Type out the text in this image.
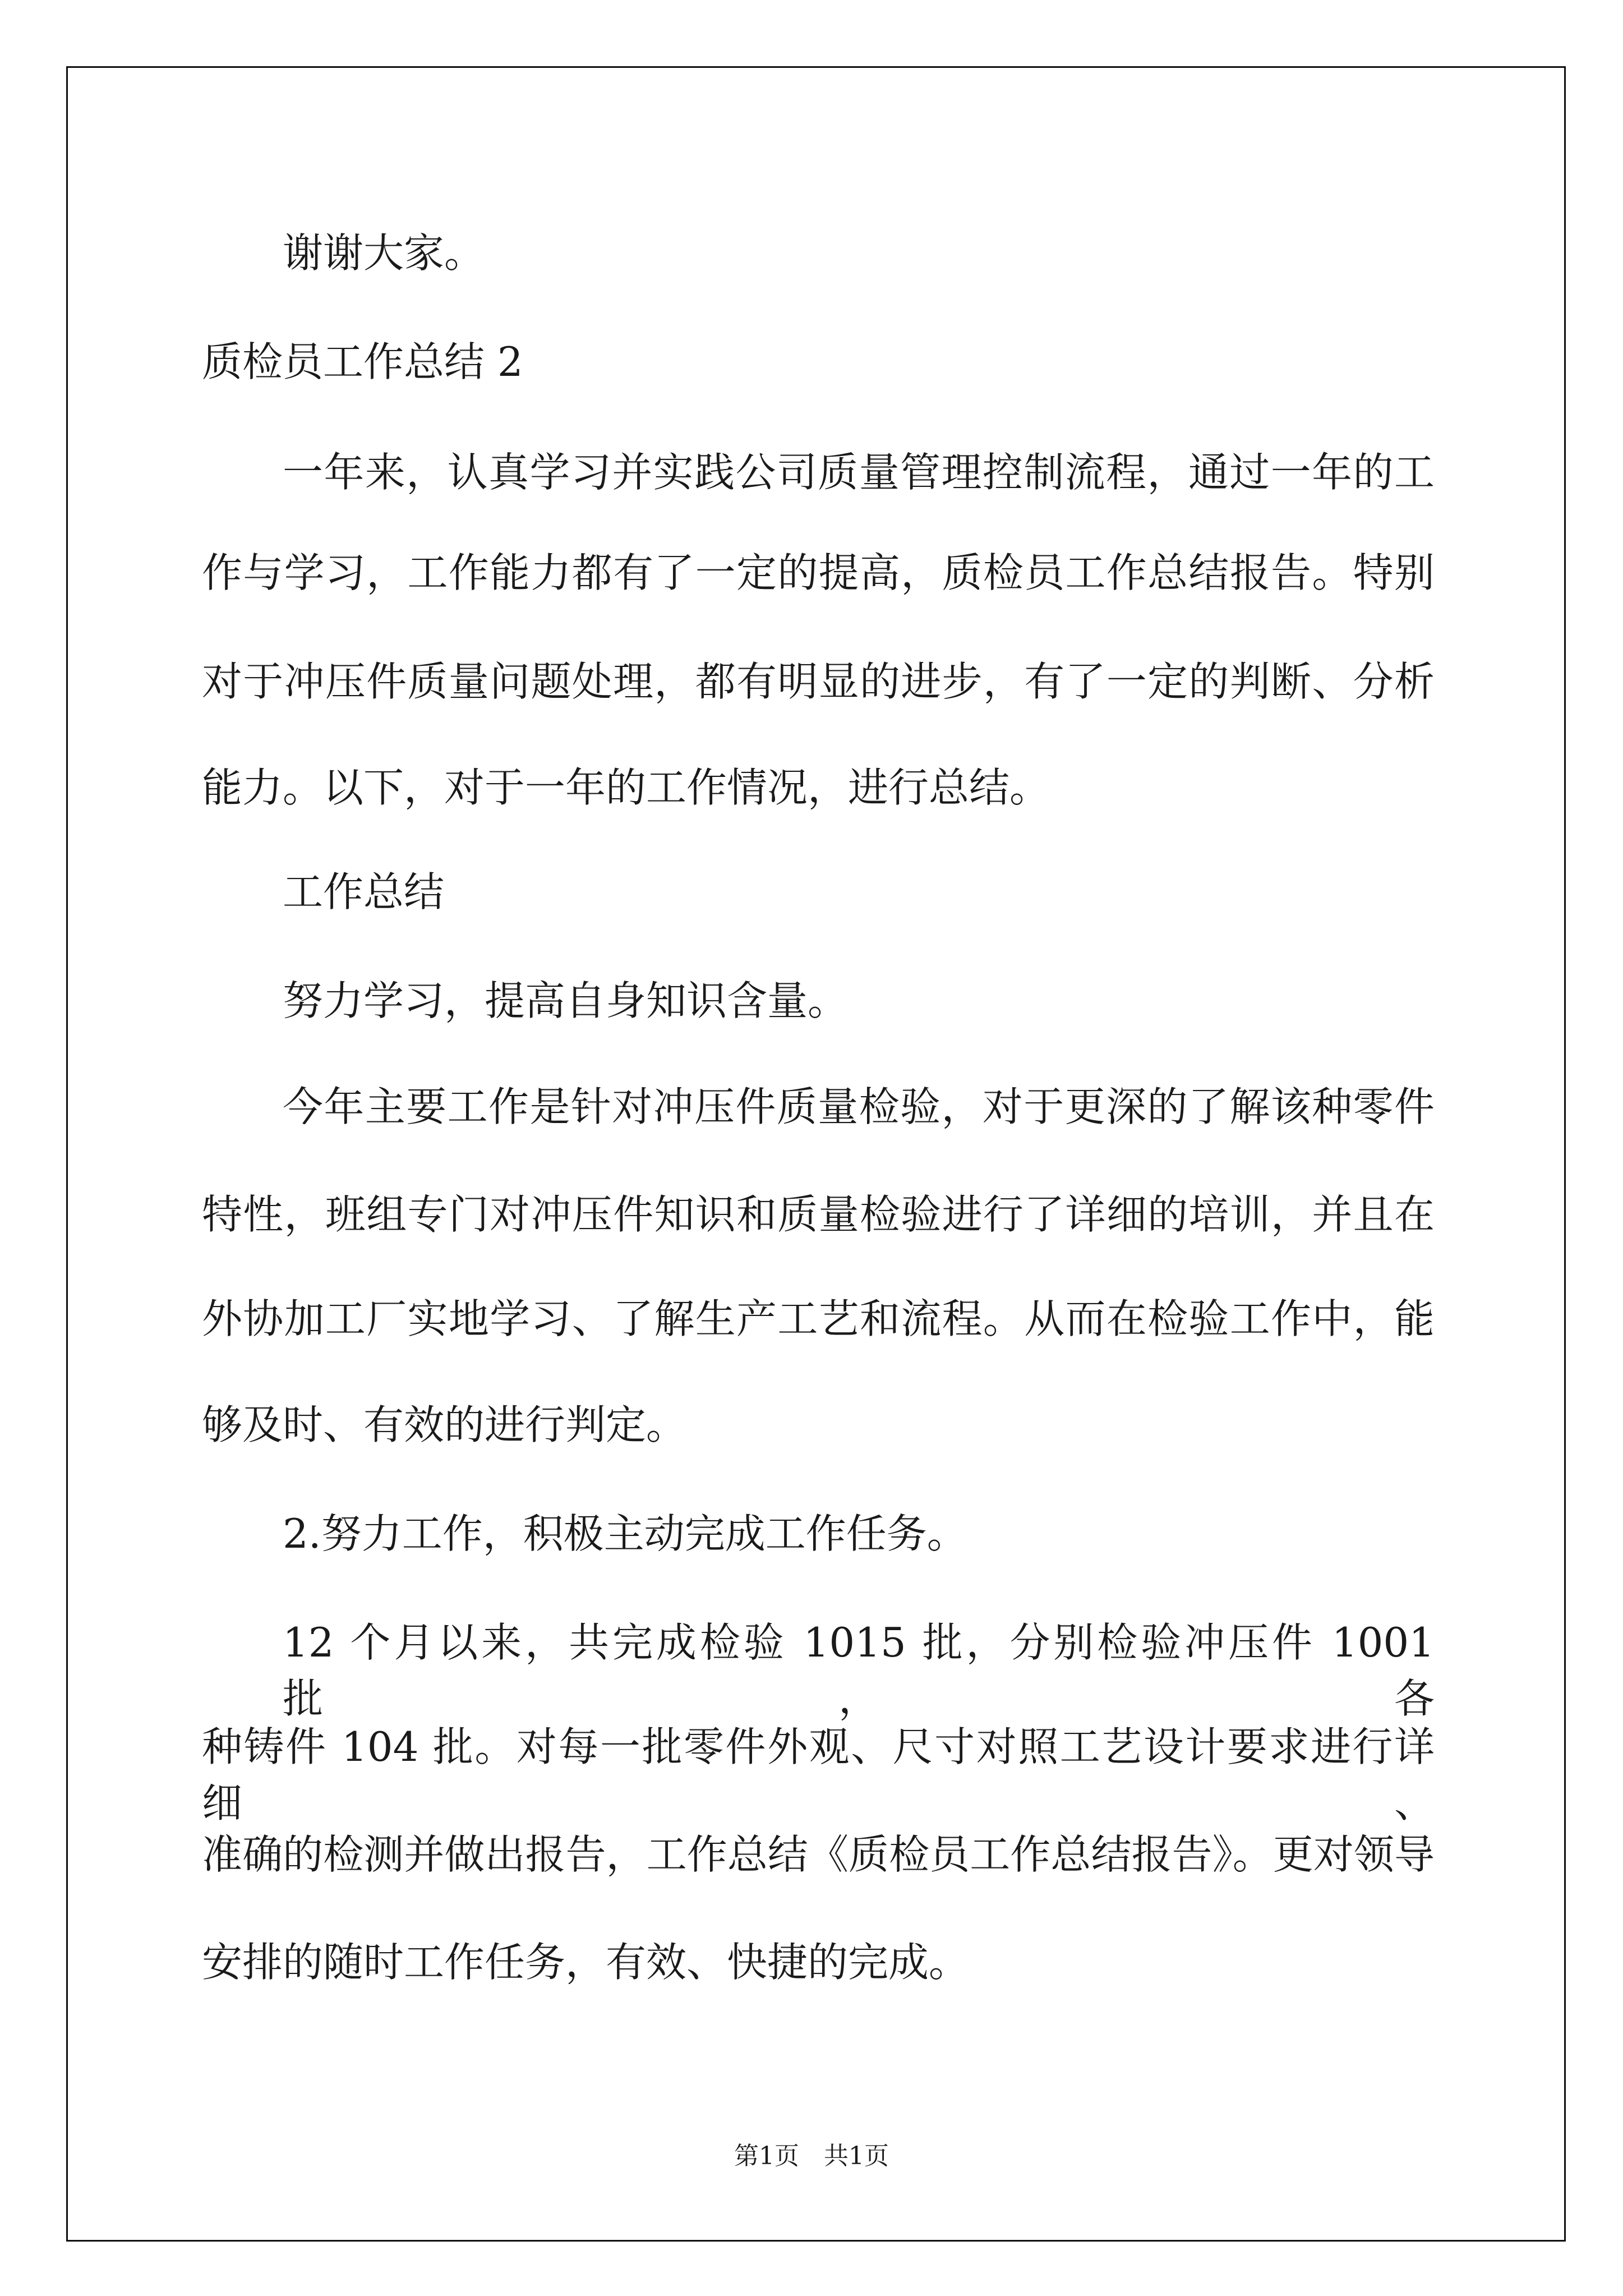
谢谢大家。
质检员工作总结 2
一年来，认真学习并实践公司质量管理控制流程，通过一年的工
作与学习，工作能力都有了一定的提高，质检员工作总结报告。特别
对于冲压件质量问题处理，都有明显的进步，有了一定的判断、分析
能力。以下，对于一年的工作情况，进行总结。
工作总结
努力学习，提高自身知识含量。
今年主要工作是针对冲压件质量检验，对于更深的了解该种零件
特性，班组专门对冲压件知识和质量检验进行了详细的培训，并且在
外协加工厂实地学习、了解生产工艺和流程。从而在检验工作中，能
够及时、有效的进行判定。
2.努力工作，积极主动完成工作任务。
12 个月以来，共完成检验 1015 批，分别检验冲压件 1001 批，各
种铸件 104 批。对每一批零件外观、尺寸对照工艺设计要求进行详细、
准确的检测并做出报告，工作总结《质检员工作总结报告》。更对领导
安排的随时工作任务，有效、快捷的完成。
第1页　共1页
